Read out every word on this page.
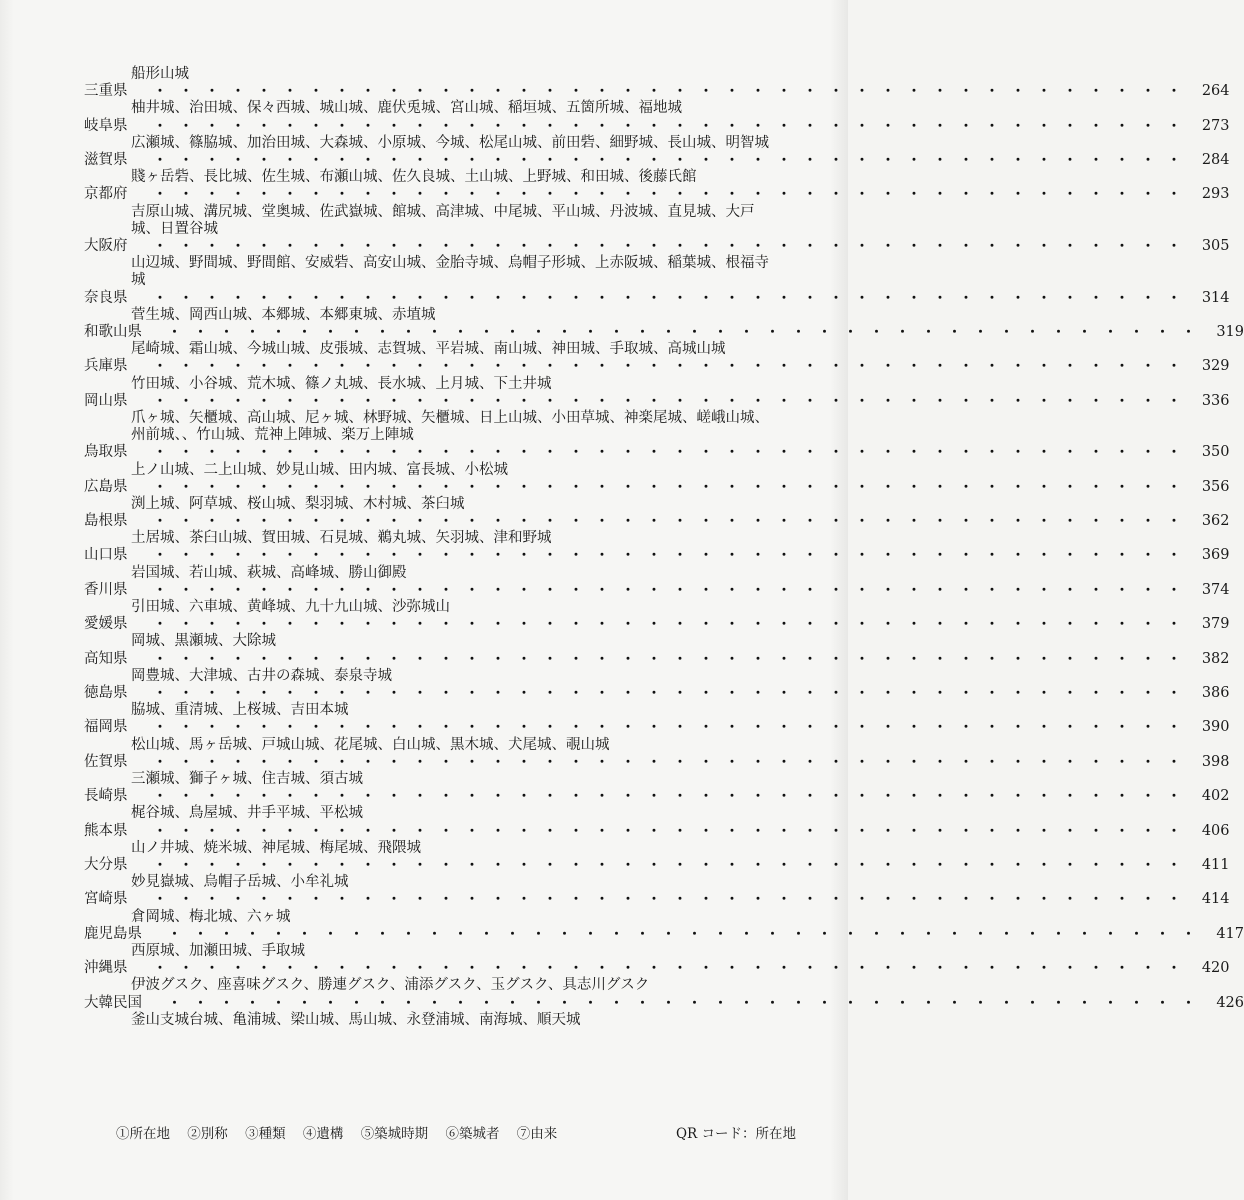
船形山城
三重県	・　・　・　・　・　・　・　・　・　・　・　・　・　・　・　・　・　・　・　・　・　・　・　・　・　・　・　・　・　・　・　・　・　・　・　・　・　・　・　・　 264
柚井城、治田城、保々西城、城山城、鹿伏兎城、宮山城、稲垣城、五箇所城、福地城
岐阜県	・　・　・　・　・　・　・　・　・　・　・　・　・　・　・　・　・　・　・　・　・　・　・　・　・　・　・　・　・　・　・　・　・　・　・　・　・　・　・　・　 273
広瀬城、篠脇城、加治田城、大森城、小原城、今城、松尾山城、前田砦、細野城、長山城、明智城
滋賀県	・　・　・　・　・　・　・　・　・　・　・　・　・　・　・　・　・　・　・　・　・　・　・　・　・　・　・　・　・　・　・　・　・　・　・　・　・　・　・　・　 284
賤ヶ岳砦、長比城、佐生城、布瀬山城、佐久良城、土山城、上野城、和田城、後藤氏館
京都府	・　・　・　・　・　・　・　・　・　・　・　・　・　・　・　・　・　・　・　・　・　・　・　・　・　・　・　・　・　・　・　・　・　・　・　・　・　・　・　・　 293
吉原山城、溝尻城、堂奥城、佐武嶽城、館城、高津城、中尾城、平山城、丹波城、直見城、大戸城、日置谷城
大阪府	・　・　・　・　・　・　・　・　・　・　・　・　・　・　・　・　・　・　・　・　・　・　・　・　・　・　・　・　・　・　・　・　・　・　・　・　・　・　・　・　 305
山辺城、野間城、野間館、安威砦、高安山城、金胎寺城、烏帽子形城、上赤阪城、稲葉城、根福寺城
奈良県	・　・　・　・　・　・　・　・　・　・　・　・　・　・　・　・　・　・　・　・　・　・　・　・　・　・　・　・　・　・　・　・　・　・　・　・　・　・　・　・　 314
菅生城、岡西山城、本郷城、本郷東城、赤埴城
和歌山県	・　・　・　・　・　・　・　・　・　・　・　・　・　・　・　・　・　・　・　・　・　・　・　・　・　・　・　・　・　・　・　・　・　・　・　・　・　・　・　・　 319
尾崎城、霜山城、今城山城、皮張城、志賀城、平岩城、南山城、神田城、手取城、高城山城
兵庫県	・　・　・　・　・　・　・　・　・　・　・　・　・　・　・　・　・　・　・　・　・　・　・　・　・　・　・　・　・　・　・　・　・　・　・　・　・　・　・　・　 329
竹田城、小谷城、荒木城、篠ノ丸城、長水城、上月城、下土井城
岡山県	・　・　・　・　・　・　・　・　・　・　・　・　・　・　・　・　・　・　・　・　・　・　・　・　・　・　・　・　・　・　・　・　・　・　・　・　・　・　・　・　 336
爪ヶ城、矢櫃城、高山城、尼ヶ城、林野城、矢櫃城、日上山城、小田草城、神楽尾城、嵯峨山城、州前城、、竹山城、荒神上陣城、楽万上陣城
鳥取県	・　・　・　・　・　・　・　・　・　・　・　・　・　・　・　・　・　・　・　・　・　・　・　・　・　・　・　・　・　・　・　・　・　・　・　・　・　・　・　・　 350
上ノ山城、二上山城、妙見山城、田内城、富長城、小松城
広島県	・　・　・　・　・　・　・　・　・　・　・　・　・　・　・　・　・　・　・　・　・　・　・　・　・　・　・　・　・　・　・　・　・　・　・　・　・　・　・　・　 356
渕上城、阿草城、桜山城、梨羽城、木村城、茶臼城
島根県	・　・　・　・　・　・　・　・　・　・　・　・　・　・　・　・　・　・　・　・　・　・　・　・　・　・　・　・　・　・　・　・　・　・　・　・　・　・　・　・　 362
土居城、茶臼山城、賀田城、石見城、鵜丸城、矢羽城、津和野城
山口県	・　・　・　・　・　・　・　・　・　・　・　・　・　・　・　・　・　・　・　・　・　・　・　・　・　・　・　・　・　・　・　・　・　・　・　・　・　・　・　・　 369
岩国城、若山城、萩城、高峰城、勝山御殿
香川県	・　・　・　・　・　・　・　・　・　・　・　・　・　・　・　・　・　・　・　・　・　・　・　・　・　・　・　・　・　・　・　・　・　・　・　・　・　・　・　・　 374
引田城、六車城、黄峰城、九十九山城、沙弥城山
愛媛県	・　・　・　・　・　・　・　・　・　・　・　・　・　・　・　・　・　・　・　・　・　・　・　・　・　・　・　・　・　・　・　・　・　・　・　・　・　・　・　・　 379
岡城、黒瀬城、大除城
高知県	・　・　・　・　・　・　・　・　・　・　・　・　・　・　・　・　・　・　・　・　・　・　・　・　・　・　・　・　・　・　・　・　・　・　・　・　・　・　・　・　 382
岡豊城、大津城、古井の森城、泰泉寺城
徳島県	・　・　・　・　・　・　・　・　・　・　・　・　・　・　・　・　・　・　・　・　・　・　・　・　・　・　・　・　・　・　・　・　・　・　・　・　・　・　・　・　 386
脇城、重清城、上桜城、吉田本城
福岡県	・　・　・　・　・　・　・　・　・　・　・　・　・　・　・　・　・　・　・　・　・　・　・　・　・　・　・　・　・　・　・　・　・　・　・　・　・　・　・　・　 390
松山城、馬ヶ岳城、戸城山城、花尾城、白山城、黒木城、犬尾城、覗山城
佐賀県	・　・　・　・　・　・　・　・　・　・　・　・　・　・　・　・　・　・　・　・　・　・　・　・　・　・　・　・　・　・　・　・　・　・　・　・　・　・　・　・　 398
三瀬城、獅子ヶ城、住吉城、須古城
長崎県	・　・　・　・　・　・　・　・　・　・　・　・　・　・　・　・　・　・　・　・　・　・　・　・　・　・　・　・　・　・　・　・　・　・　・　・　・　・　・　・　 402
梶谷城、鳥屋城、井手平城、平松城
熊本県	・　・　・　・　・　・　・　・　・　・　・　・　・　・　・　・　・　・　・　・　・　・　・　・　・　・　・　・　・　・　・　・　・　・　・　・　・　・　・　・　 406
山ノ井城、焼米城、神尾城、梅尾城、飛隈城
大分県	・　・　・　・　・　・　・　・　・　・　・　・　・　・　・　・　・　・　・　・　・　・　・　・　・　・　・　・　・　・　・　・　・　・　・　・　・　・　・　・　 411
妙見嶽城、烏帽子岳城、小牟礼城
宮崎県	・　・　・　・　・　・　・　・　・　・　・　・　・　・　・　・　・　・　・　・　・　・　・　・　・　・　・　・　・　・　・　・　・　・　・　・　・　・　・　・　 414
倉岡城、梅北城、六ヶ城
鹿児島県	・　・　・　・　・　・　・　・　・　・　・　・　・　・　・　・　・　・　・　・　・　・　・　・　・　・　・　・　・　・　・　・　・　・　・　・　・　・　・　・　 417
西原城、加瀬田城、手取城
沖縄県	・　・　・　・　・　・　・　・　・　・　・　・　・　・　・　・　・　・　・　・　・　・　・　・　・　・　・　・　・　・　・　・　・　・　・　・　・　・　・　・　 420
伊波グスク、座喜味グスク、勝連グスク、浦添グスク、玉グスク、具志川グスク
大韓民国	・　・　・　・　・　・　・　・　・　・　・　・　・　・　・　・　・　・　・　・　・　・　・　・　・　・　・　・　・　・　・　・　・　・　・　・　・　・　・　・　 426
釜山支城台城、亀浦城、梁山城、馬山城、永登浦城、南海城、順天城
①所在地 ②別称 ③種類 ④遺構 ⑤築城時期 ⑥築城者 ⑦由来	QR コード：所在地
